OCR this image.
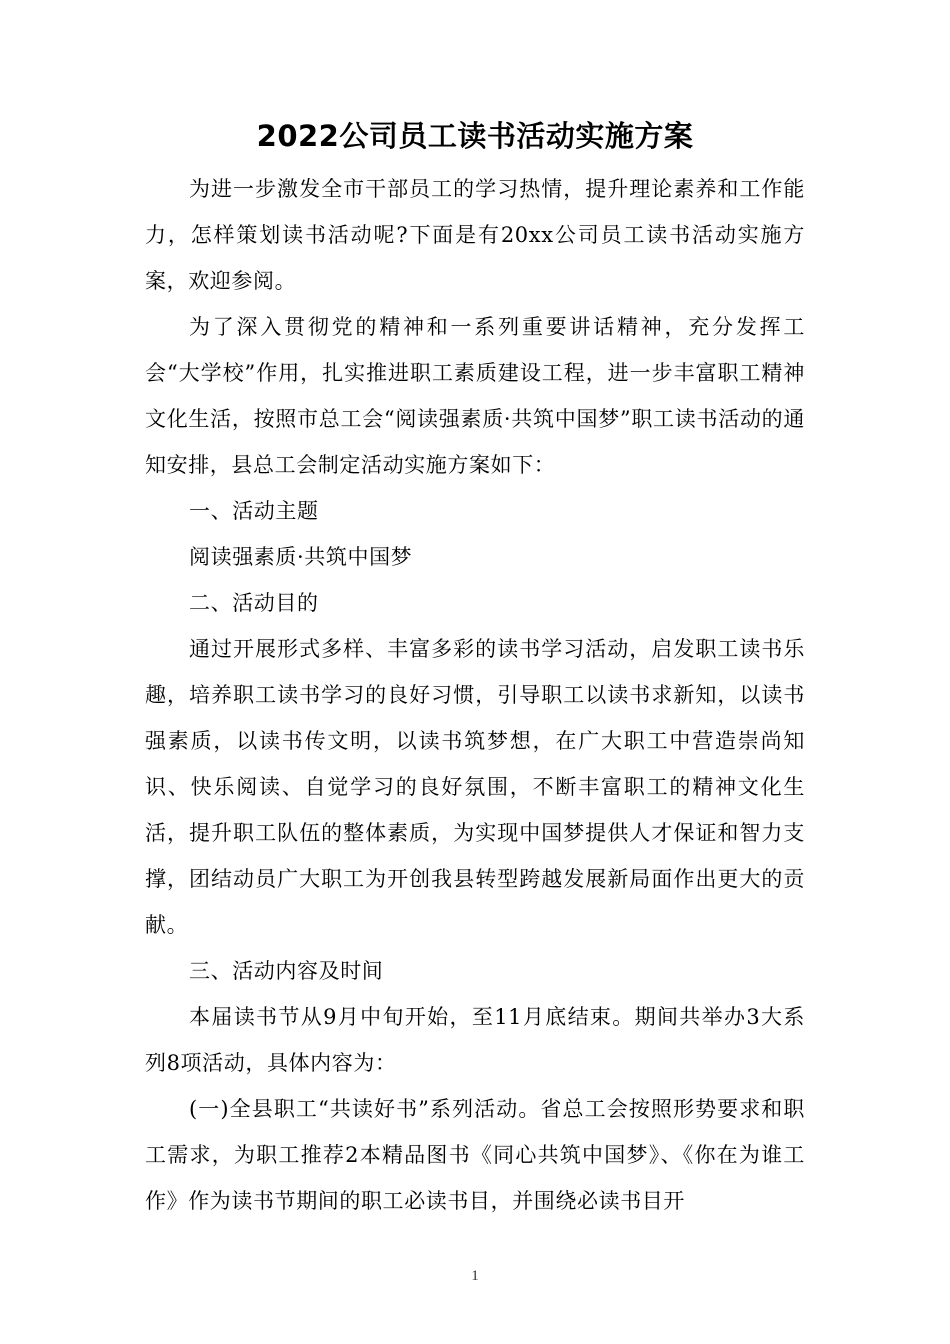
2022公司员工读书活动实施方案

为进一步激发全市干部员工的学习热情，提升理论素养和工作能力，怎样策划读书活动呢?下面是有20xx公司员工读书活动实施方案，欢迎参阅。

为了深入贯彻党的精神和一系列重要讲话精神，充分发挥工会“大学校”作用，扎实推进职工素质建设工程，进一步丰富职工精神文化生活，按照市总工会“阅读强素质·共筑中国梦”职工读书活动的通知安排，县总工会制定活动实施方案如下：

一、活动主题

阅读强素质·共筑中国梦

二、活动目的

通过开展形式多样、丰富多彩的读书学习活动，启发职工读书乐趣，培养职工读书学习的良好习惯，引导职工以读书求新知，以读书强素质，以读书传文明，以读书筑梦想，在广大职工中营造崇尚知识、快乐阅读、自觉学习的良好氛围，不断丰富职工的精神文化生活，提升职工队伍的整体素质，为实现中国梦提供人才保证和智力支撑，团结动员广大职工为开创我县转型跨越发展新局面作出更大的贡献。

三、活动内容及时间

本届读书节从9月中旬开始，至11月底结束。期间共举办3大系列8项活动，具体内容为：

(一)全县职工“共读好书”系列活动。省总工会按照形势要求和职工需求，为职工推荐2本精品图书《同心共筑中国梦》、《你在为谁工作》作为读书节期间的职工必读书目，并围绕必读书目开

1
